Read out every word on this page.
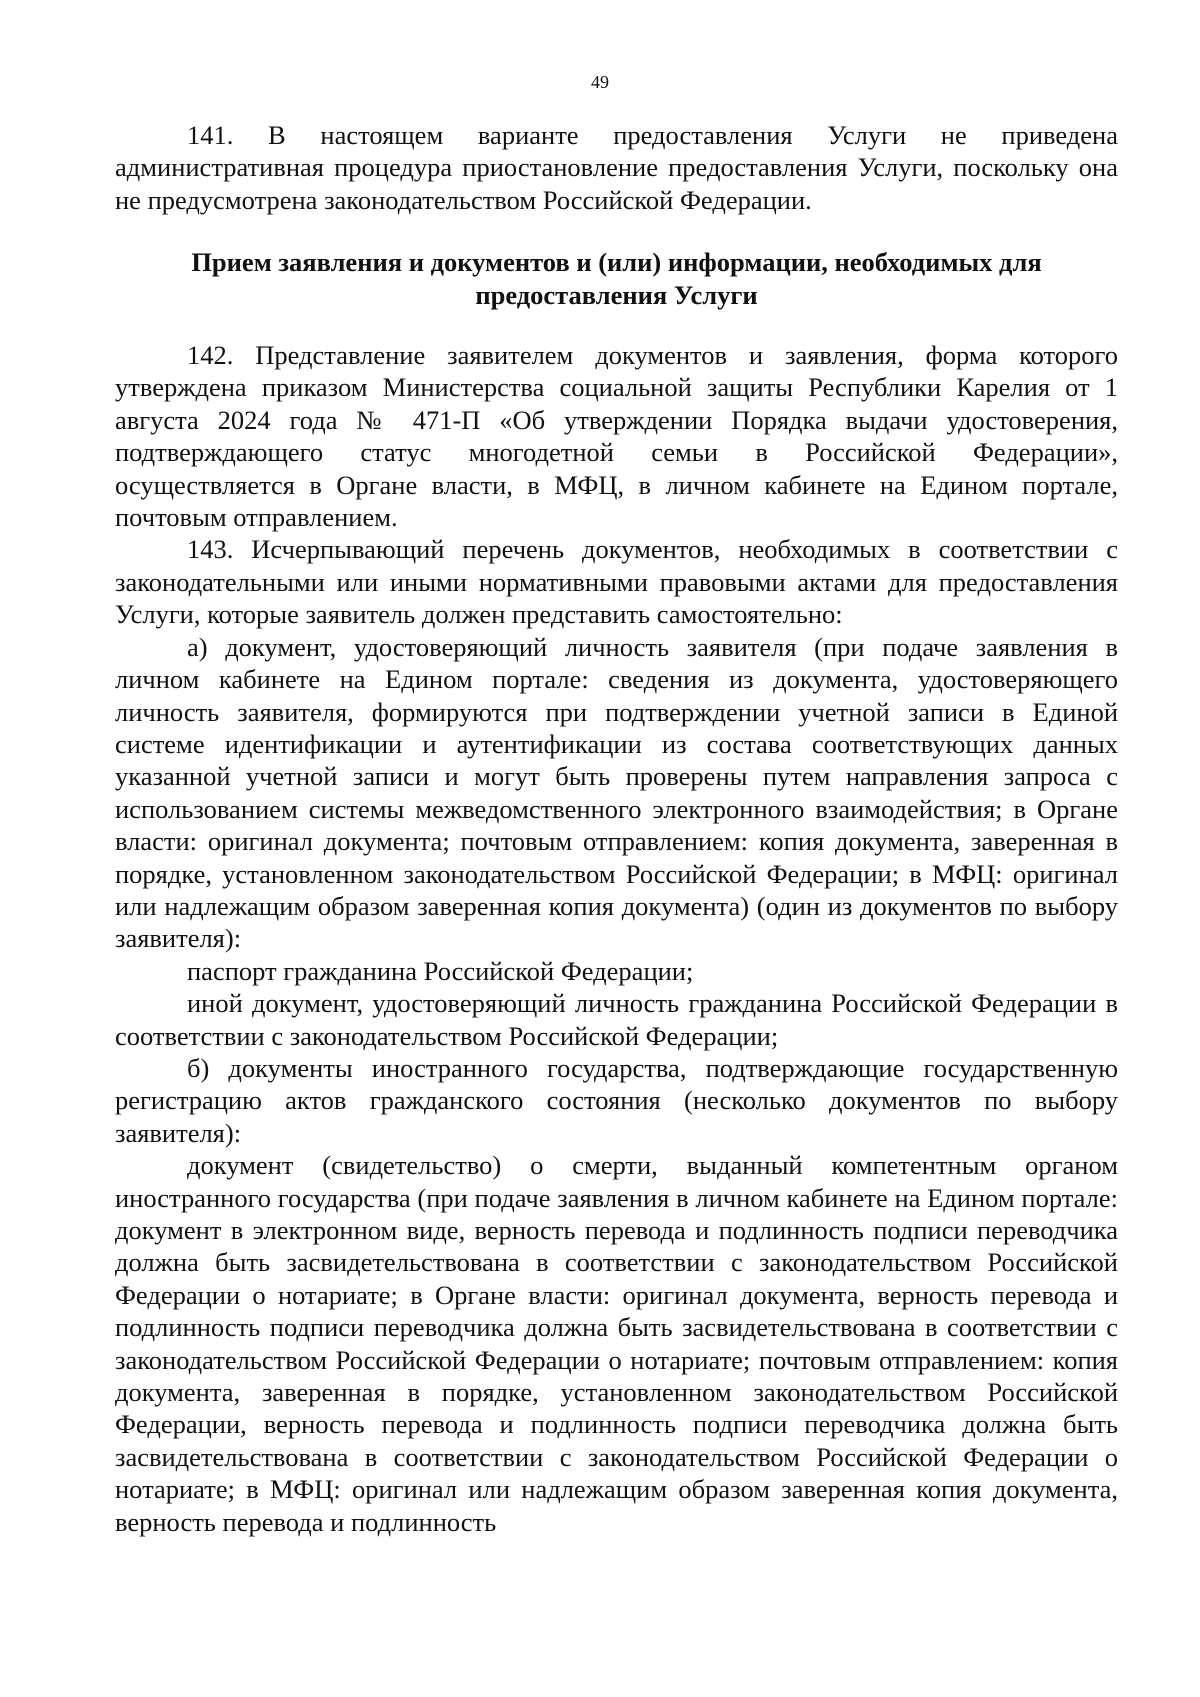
49

141. В настоящем варианте предоставления Услуги не приведена административная процедура приостановление предоставления Услуги, поскольку она не предусмотрена законодательством Российской Федерации.

Прием заявления и документов и (или) информации, необходимых для предоставления Услуги

142. Представление заявителем документов и заявления, форма которого утверждена приказом Министерства социальной защиты Республики Карелия от 1 августа 2024 года № 471-П «Об утверждении Порядка выдачи удостоверения, подтверждающего статус многодетной семьи в Российской Федерации», осуществляется в Органе власти, в МФЦ, в личном кабинете на Едином портале, почтовым отправлением.

143. Исчерпывающий перечень документов, необходимых в соответствии с законодательными или иными нормативными правовыми актами для предоставления Услуги, которые заявитель должен представить самостоятельно:

а) документ, удостоверяющий личность заявителя (при подаче заявления в личном кабинете на Едином портале: сведения из документа, удостоверяющего личность заявителя, формируются при подтверждении учетной записи в Единой системе идентификации и аутентификации из состава соответствующих данных указанной учетной записи и могут быть проверены путем направления запроса с использованием системы межведомственного электронного взаимодействия; в Органе власти: оригинал документа; почтовым отправлением: копия документа, заверенная в порядке, установленном законодательством Российской Федерации; в МФЦ: оригинал или надлежащим образом заверенная копия документа) (один из документов по выбору заявителя):

паспорт гражданина Российской Федерации;

иной документ, удостоверяющий личность гражданина Российской Федерации в соответствии с законодательством Российской Федерации;

б) документы иностранного государства, подтверждающие государственную регистрацию актов гражданского состояния (несколько документов по выбору заявителя):

документ (свидетельство) о смерти, выданный компетентным органом иностранного государства (при подаче заявления в личном кабинете на Едином портале: документ в электронном виде, верность перевода и подлинность подписи переводчика должна быть засвидетельствована в соответствии с законодательством Российской Федерации о нотариате; в Органе власти: оригинал документа, верность перевода и подлинность подписи переводчика должна быть засвидетельствована в соответствии с законодательством Российской Федерации о нотариате; почтовым отправлением: копия документа, заверенная в порядке, установленном законодательством Российской Федерации, верность перевода и подлинность подписи переводчика должна быть засвидетельствована в соответствии с законодательством Российской Федерации о нотариате; в МФЦ: оригинал или надлежащим образом заверенная копия документа, верность перевода и подлинность
